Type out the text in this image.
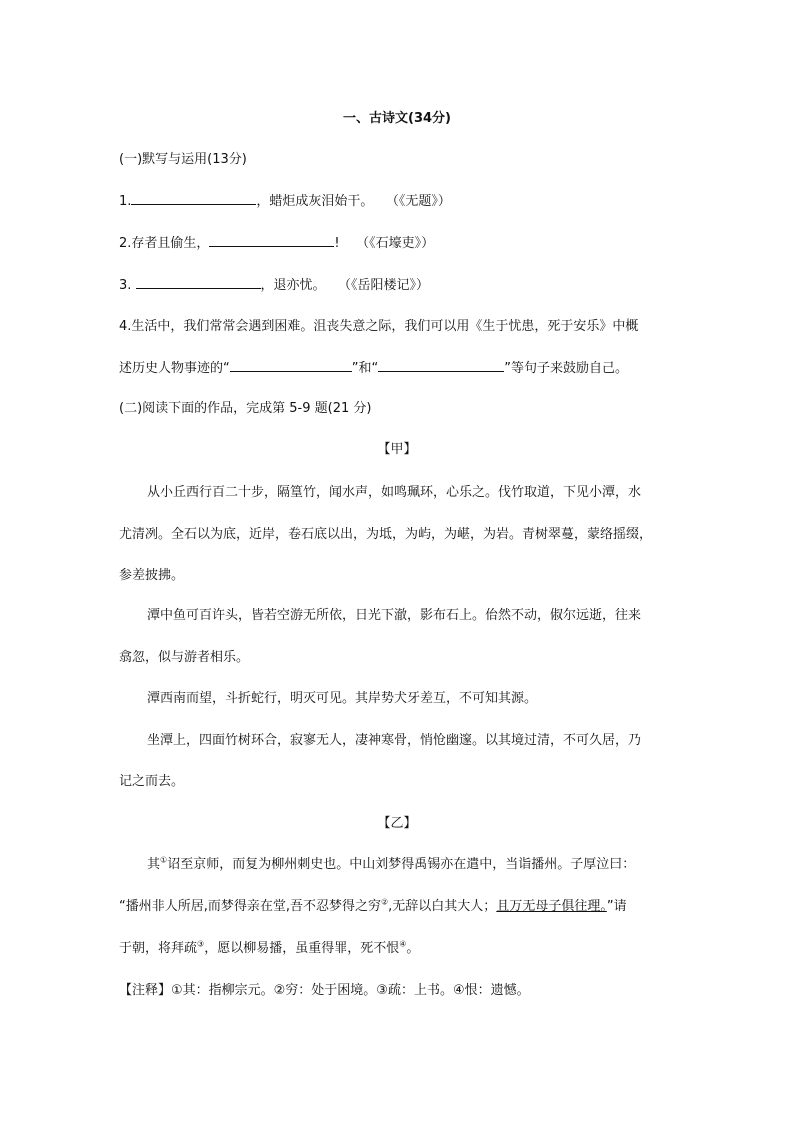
一、古诗文(34分)
(一)默写与运用(13分)
1.	，蜡炬成灰泪始干。 （《无题》）
2.存者且偷生，	! （《石壕吏》）
3.	，退亦忧。 （《岳阳楼记》）
4.生活中，我们常常会遇到困难。沮丧失意之际，我们可以用《生于忧患，死于安乐》中概
述历史人物事迹的“	”和“	”等句子来鼓励自己。
(二)阅读下面的作品，完成第 5-9 题(21 分)
【甲】
从小丘西行百二十步，隔篁竹，闻水声，如鸣珮环，心乐之。伐竹取道，下见小潭，水
尤清冽。全石以为底，近岸，卷石底以出，为坻，为屿，为嵁，为岩。青树翠蔓，蒙络摇缀，
参差披拂。
潭中鱼可百许头，皆若空游无所依，日光下澈，影布石上。佁然不动，俶尔远逝，往来
翕忽，似与游者相乐。
潭西南而望，斗折蛇行，明灭可见。其岸势犬牙差互，不可知其源。
坐潭上，四面竹树环合，寂寥无人，凄神寒骨，悄怆幽邃。以其境过清，不可久居，乃
记之而去。
【乙】
其①诏至京师，而复为柳州刺史也。中山刘梦得禹锡亦在遣中，当诣播州。子厚泣曰：
“播州非人所居,而梦得亲在堂,吾不忍梦得之穷②,无辞以白其大人；且万无母子俱往理。”请
于朝，将拜疏③，愿以柳易播，虽重得罪，死不恨④。
【注释】①其：指柳宗元。②穷：处于困境。③疏：上书。④恨：遗憾。
